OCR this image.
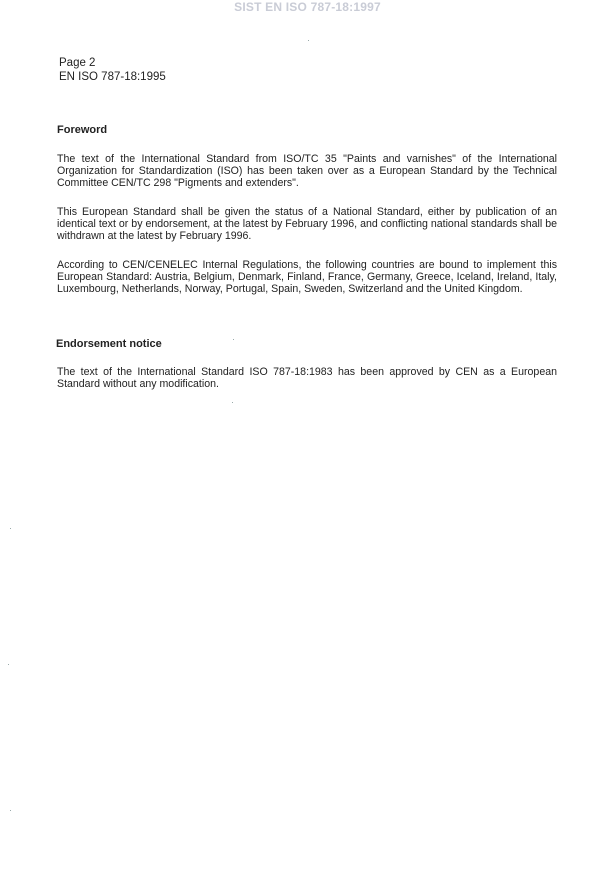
SIST EN ISO 787-18:1997
Page 2
EN ISO 787-18:1995
Foreword
The text of the International Standard from ISO/TC 35 "Paints and varnishes" of the International Organization for Standardization (ISO) has been taken over as a European Standard by the Technical Committee CEN/TC 298 "Pigments and extenders".
This European Standard shall be given the status of a National Standard, either by publication of an identical text or by endorsement, at the latest by February 1996, and conflicting national standards shall be withdrawn at the latest by February 1996.
According to CEN/CENELEC Internal Regulations, the following countries are bound to implement this European Standard: Austria, Belgium, Denmark, Finland, France, Germany, Greece, Iceland, Ireland, Italy, Luxembourg, Netherlands, Norway, Portugal, Spain, Sweden, Switzerland and the United Kingdom.
Endorsement notice
The text of the International Standard ISO 787-18:1983 has been approved by CEN as a European Standard without any modification.
